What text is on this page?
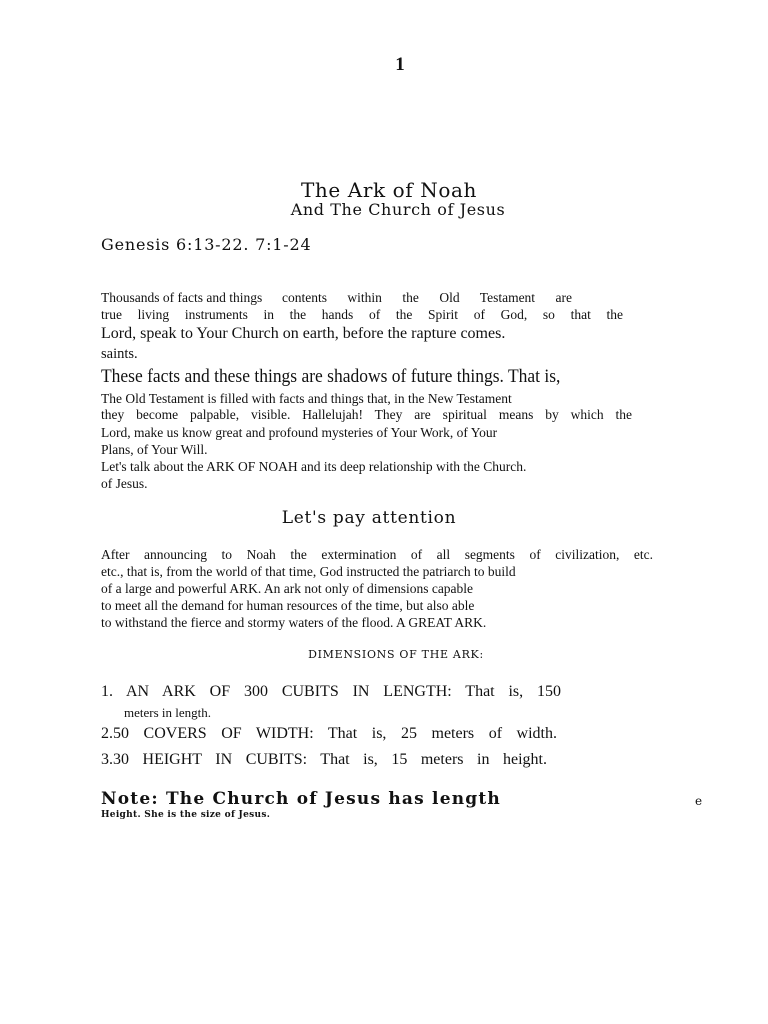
1
The Ark of Noah
And The Church of Jesus
Genesis 6:13-22. 7:1-24
Thousands of facts and things contents within the Old Testament are
true living instruments in the hands of the Spirit of God, so that the
Lord, speak to Your Church on earth, before the rapture comes.
saints.
These facts and these things are shadows of future things. That is,
The Old Testament is filled with facts and things that, in the New Testament
they become palpable, visible. Hallelujah! They are spiritual means by which the
Lord, make us know great and profound mysteries of Your Work, of Your
Plans, of Your Will.
Let's talk about the ARK OF NOAH and its deep relationship with the Church.
of Jesus.
Let's pay attention
After announcing to Noah the extermination of all segments of civilization, etc.
etc., that is, from the world of that time, God instructed the patriarch to build
of a large and powerful ARK. An ark not only of dimensions capable
to meet all the demand for human resources of the time, but also able
to withstand the fierce and stormy waters of the flood. A GREAT ARK.
DIMENSIONS OF THE ARK:
1. AN ARK OF 300 CUBITS IN LENGTH: That is, 150
meters in length.
2.50 COVERS OF WIDTH: That is, 25 meters of width.
3.30 HEIGHT IN CUBITS: That is, 15 meters in height.
Note: The Church of Jesus has length	e
Height. She is the size of Jesus.
